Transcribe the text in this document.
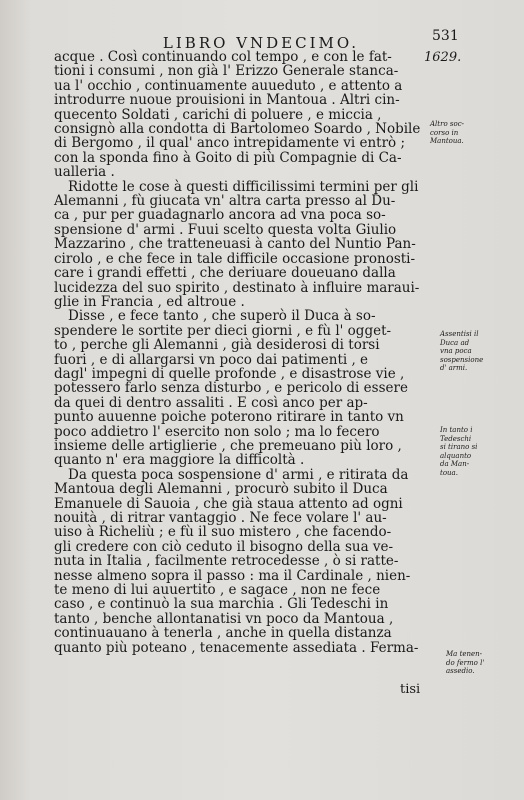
LIBRO VNDECIMO.	531
1629.

acque . Così continuando col tempo , e con le fat-
tioni i consumi , non già l' Erizzo Generale stanca-
ua l' occhio , continuamente auueduto , e attento a
introdurre nuoue prouisioni in Mantoua . Altri cin-
quecento Soldati , carichi di poluere , e miccia ,
consignò alla condotta di Bartolomeo Soardo , Nobile
di Bergomo , il qual' anco intrepidamente vi entrò ;
con la sponda fino à Goito di più Compagnie di Ca-
ualleria .

Ridotte le cose à questi difficilissimi termini per gli
Alemanni , fù giucata vn' altra carta presso al Du-
ca , pur per guadagnarlo ancora ad vna poca so-
spensione d' armi . Fuui scelto questa volta Giulio
Mazzarino , che tratteneuasi à canto del Nuntio Pan-
cirolo , e che fece in tale difficile occasione pronosti-
care i grandi effetti , che deriuare doueuano dalla
lucidezza del suo spirito , destinato à influire marauі-
glie in Francia , ed altroue .

Disse , e fece tanto , che superò il Duca à so-
spendere le sortite per dieci giorni , e fù l' ogget-
to , perche gli Alemanni , già desiderosi di torsi
fuori , e di allargarsi vn poco dai patimenti , e
dagl' impegni di quelle profonde , e disastrose vie ,
potessero farlo senza disturbo , e pericolo di essere
da quei di dentro assaliti . E così anco per ap-
punto auuenne poiche poterono ritirare in tanto vn
poco addietro l' esercito non solo ; ma lo fecero
insieme delle artiglierie , che premeuano più loro ,
quanto n' era maggiore la difficoltà .

Da questa poca sospensione d' armi , e ritirata da
Mantoua degli Alemanni , procurò subito il Duca
Emanuele di Sauoia , che già staua attento ad ogni
nouità , di ritrar vantaggio . Ne fece volare l' au-
uiso à Richeliù ; e fù il suo mistero , che facendo-
gli credere con ciò ceduto il bisogno della sua ve-
nuta in Italia , facilmente retrocedesse , ò si ratte-
nesse almeno sopra il passo : ma il Cardinale , nien-
te meno di lui auuertito , e sagace , non ne fece
caso , e continuò la sua marchia . Gli Tedeschi in
tanto , benche allontanatisi vn poco da Mantoua ,
continuauano à tenerla , anche in quella distanza
quanto più poteano , tenacemente assediata . Ferma-

tisi
Altro soc-
corso in
Mantoua.
Assentisi il
Duca ad
vna poca
sospensione
d' armi.
In tanto i
Tedeschi
si tirano si
alquanto
da Man-
toua.
Ma tenen-
do fermo l'
assedio.
